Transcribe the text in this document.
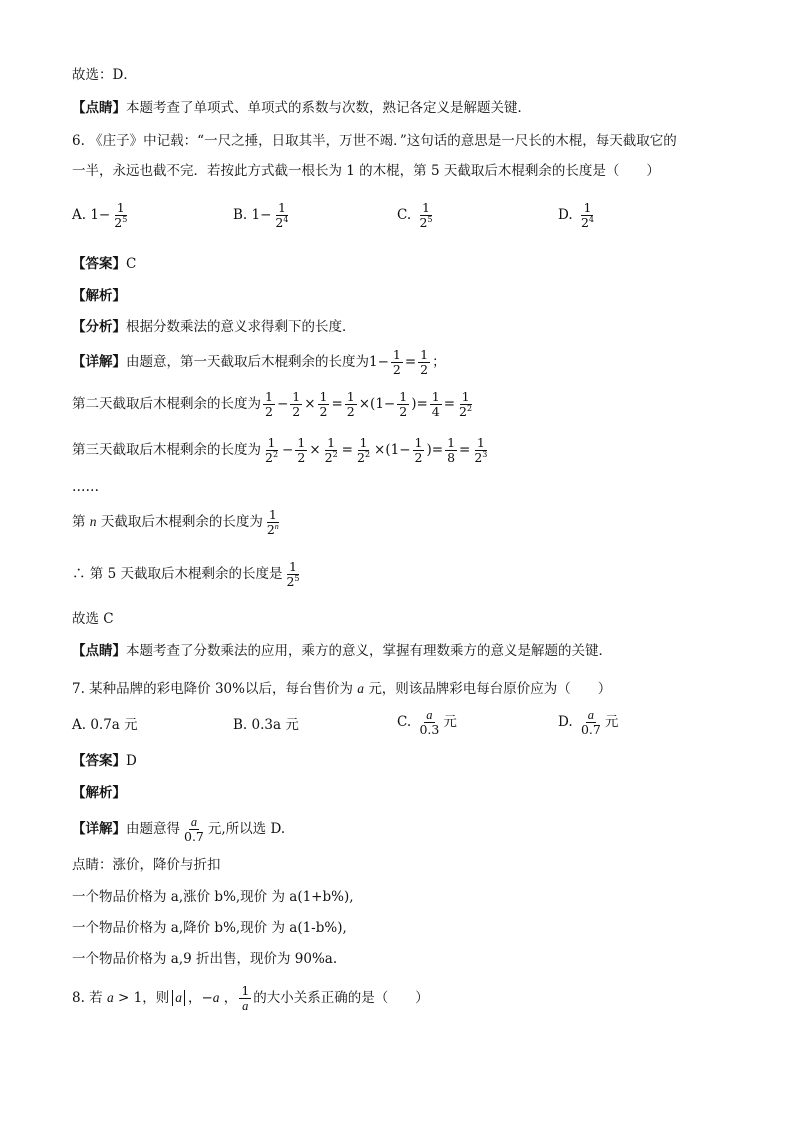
故选：D．
【点睛】本题考查了单项式、单项式的系数与次数，熟记各定义是解题关键．
6. 《庄子》中记载：“一尺之捶，日取其半，万世不竭．”这句话的意思是一尺长的木棍，每天截取它的
一半，永远也截不完．若按此方式截一根长为 1 的木棍，第 5 天截取后木棍剩余的长度是（　　）
A. $1- \frac{1}{2^5}$	B. $1- \frac{1}{2^4}$	C. $\frac{1}{2^5}$	D. $\frac{1}{2^4}$
【答案】C
【解析】
【分析】根据分数乘法的意义求得剩下的长度．
【详解】由题意，第一天截取后木棍剩余的长度为$1- \frac{1}{2} = \frac{1}{2}$ ；
第二天截取后木棍剩余的长度为 $\frac{1}{2} - \frac{1}{2} \times \frac{1}{2} = \frac{1}{2} \times(1- \frac{1}{2}$ )= $\frac{1}{4} = \frac{1}{2^2}$
第三天截取后木棍剩余的长度为 $\frac{1}{2^2} - \frac{1}{2} \times \frac{1}{2^2} = \frac{1}{2^2} \times(1- \frac{1}{2}$ )= $\frac{1}{8} = \frac{1}{2^3}$
……
第 n 天截取后木棍剩余的长度为 $\frac{1}{2^n}$
∴ 第 5 天截取后木棍剩余的长度是 $\frac{1}{2^5}$
故选 C
【点睛】本题考查了分数乘法的应用，乘方的意义，掌握有理数乘方的意义是解题的关键．
7. 某种品牌的彩电降价 30%以后，每台售价为 a 元，则该品牌彩电每台原价应为（　　）
A. 0.7a 元	B. 0.3a 元	C. $\frac{a}{0.3}$ 元	D. $\frac{a}{0.7}$ 元
【答案】D
【解析】
【详解】由题意得 $\frac{a}{0.7}$ 元,所以选 D.
点睛：涨价，降价与折扣
一个物品价格为 a,涨价 b%,现价 为 a(1+b%),
一个物品价格为 a,降价 b%,现价 为 a(1-b%),
一个物品价格为 a,9 折出售，现价为 90%a.
8. 若 a > 1，则 a ，−a ， $\frac{1}{a}$ 的大小关系正确的是（　　）
